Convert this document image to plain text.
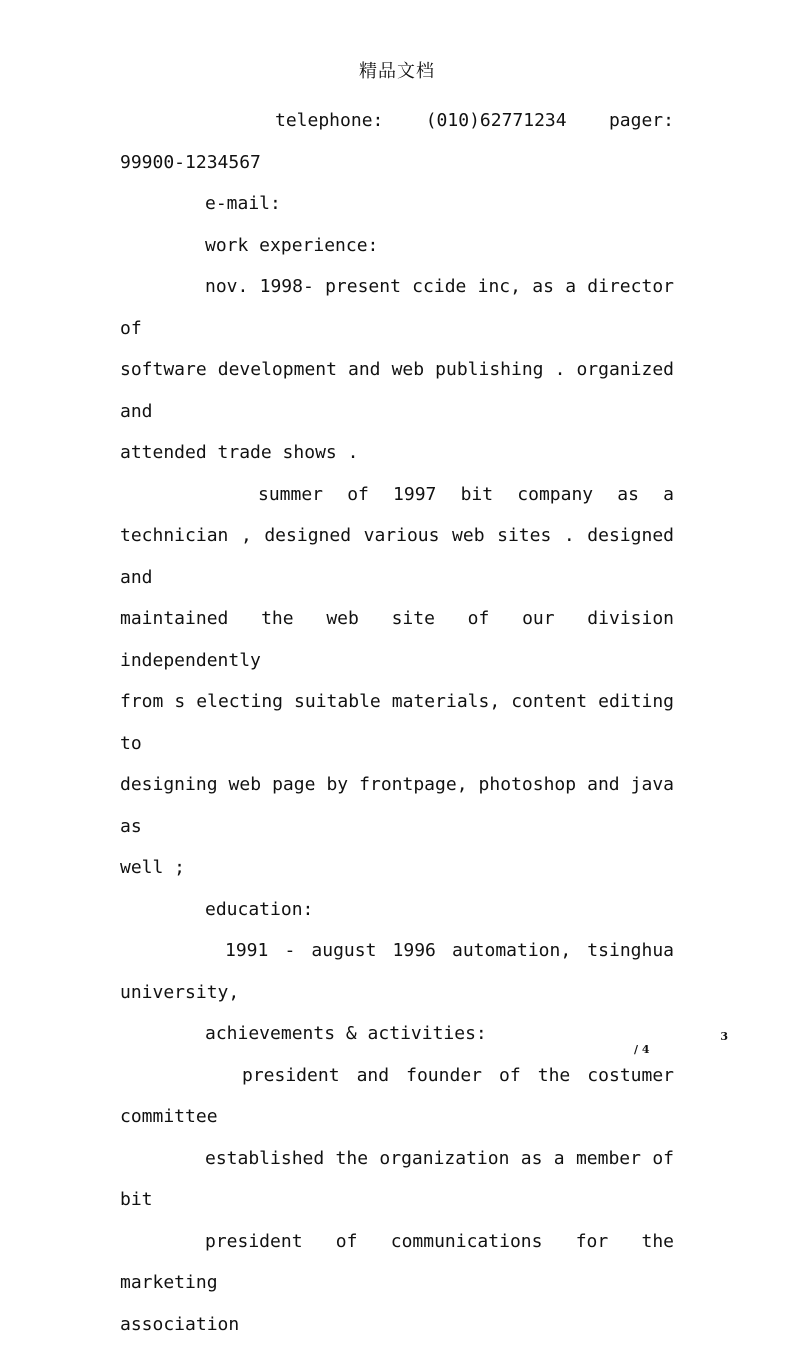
精品文档
telephone: (010)62771234 pager:
99900-1234567
e-mail:
work experience:
nov. 1998- present ccide inc, as a director of
software development and web publishing . organized and
attended trade shows .
summer of 1997 bit company as a
technician , designed various web sites . designed and
maintained the web site of our division independently
from s electing suitable materials, content editing to
designing web page by frontpage, photoshop and java as
well ;
education:
1991 - august 1996 automation, tsinghua
university,
achievements & activities:
president and founder of the costumer
committee
established the organization as a member of bit
president of communications for the marketing
association
3
/ 4
